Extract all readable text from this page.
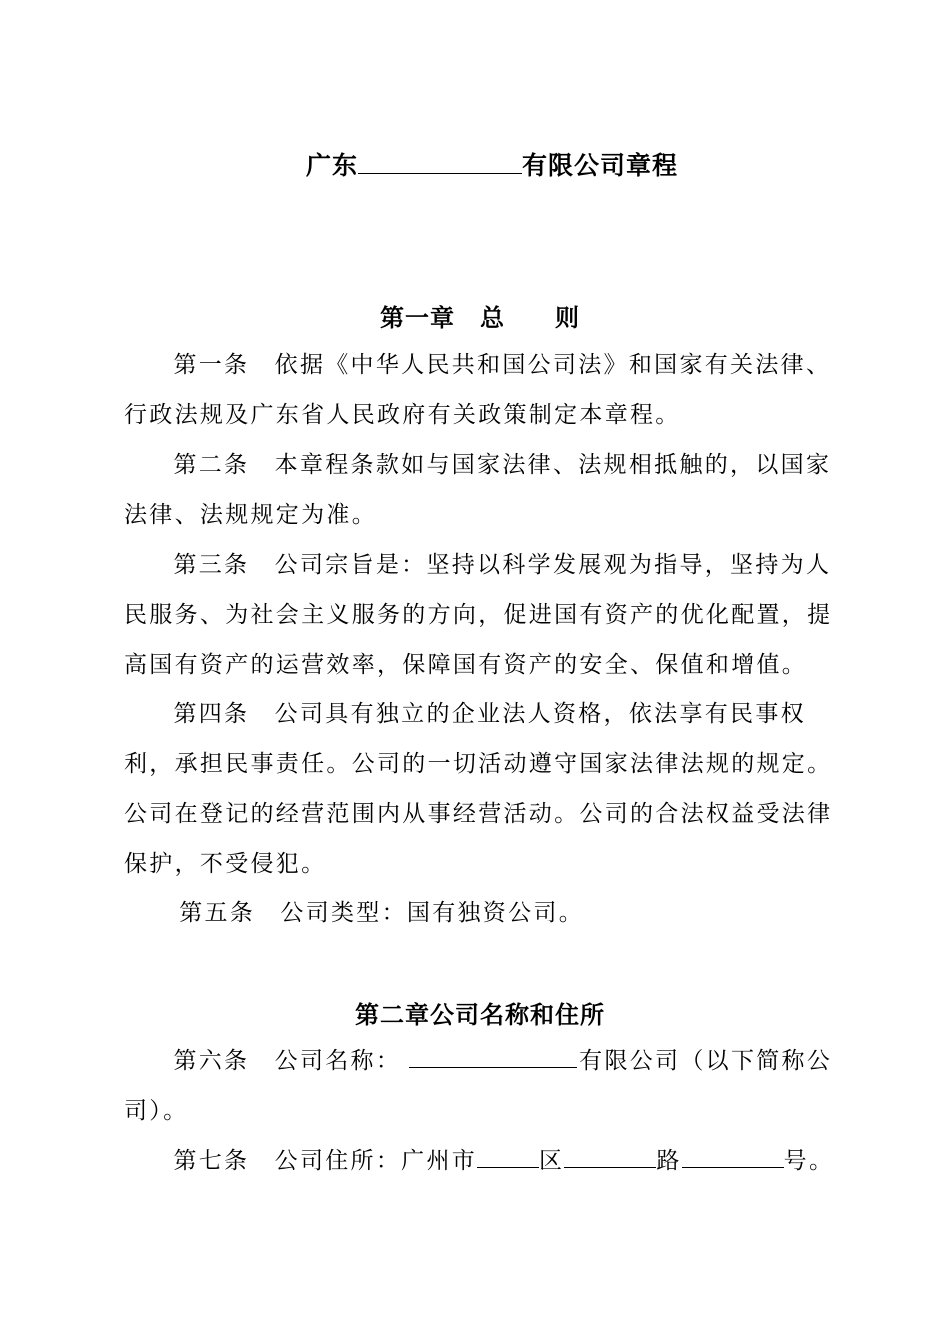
广东	有限公司章程
第一章　总　　则
第一条 依据《中华人民共和国公司法》和国家有关法律、行政法规及广东省人民政府有关政策制定本章程。
第二条 本章程条款如与国家法律、法规相抵触的，以国家法律、法规规定为准。
第三条 公司宗旨是：坚持以科学发展观为指导，坚持为人民服务、为社会主义服务的方向，促进国有资产的优化配置，提高国有资产的运营效率，保障国有资产的安全、保值和增值。
第四条 公司具有独立的企业法人资格，依法享有民事权利，承担民事责任。公司的一切活动遵守国家法律法规的规定。公司在登记的经营范围内从事经营活动。公司的合法权益受法律保护，不受侵犯。
第五条 公司类型：国有独资公司。
第二章公司名称和住所
第六条 公司名称：	有限公司（以下简称公司）。
第七条 公司住所：广州市	区	路	号。
